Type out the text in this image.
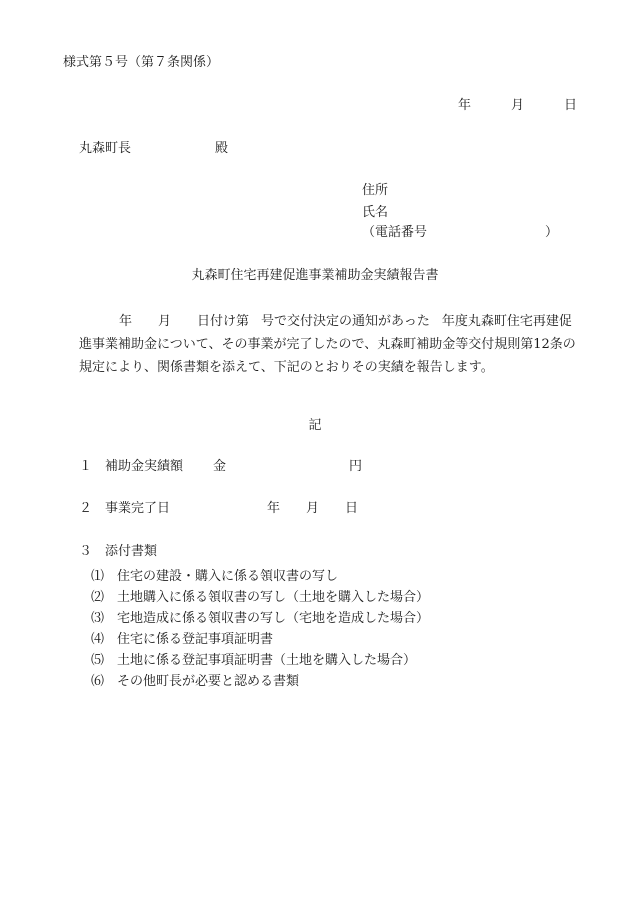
様式第５号（第７条関係）
年	月	日
丸森町長	殿
住所
氏名
（電話番号	）
丸森町住宅再建促進事業補助金実績報告書
年 月 日付け第 号で交付決定の通知があった 年度丸森町住宅再建促進事業補助金について、その事業が完了したので、丸森町補助金等交付規則第12条の規定により、関係書類を添えて、下記のとおりその実績を報告します。
記
１ 補助金実績額 金	円
２ 事業完了日	年 月 日
３ 添付書類
⑴ 住宅の建設・購入に係る領収書の写し
⑵ 土地購入に係る領収書の写し（土地を購入した場合）
⑶ 宅地造成に係る領収書の写し（宅地を造成した場合）
⑷ 住宅に係る登記事項証明書
⑸ 土地に係る登記事項証明書（土地を購入した場合）
⑹ その他町長が必要と認める書類
